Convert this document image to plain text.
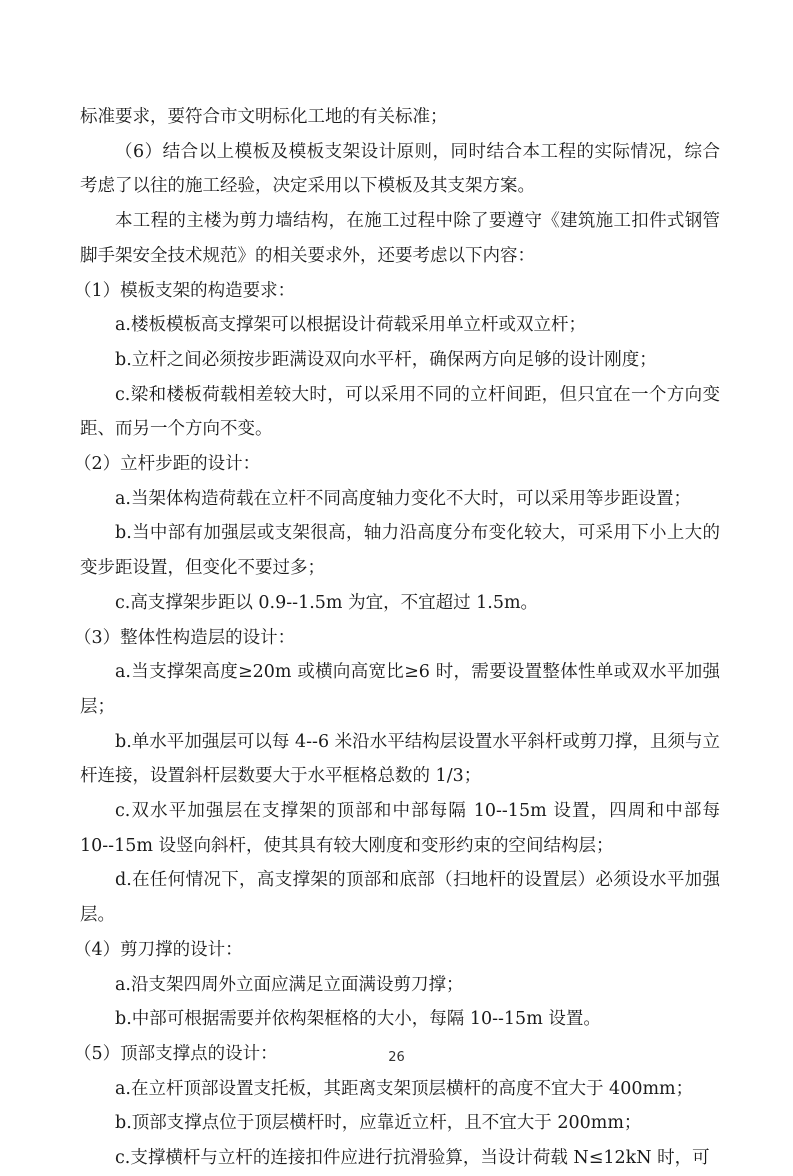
标准要求，要符合市文明标化工地的有关标准；

（6）结合以上模板及模板支架设计原则，同时结合本工程的实际情况，综合考虑了以往的施工经验，决定采用以下模板及其支架方案。

本工程的主楼为剪力墙结构，在施工过程中除了要遵守《建筑施工扣件式钢管脚手架安全技术规范》的相关要求外，还要考虑以下内容：

（1）模板支架的构造要求：

a.楼板模板高支撑架可以根据设计荷载采用单立杆或双立杆；

b.立杆之间必须按步距满设双向水平杆，确保两方向足够的设计刚度；

c.梁和楼板荷载相差较大时，可以采用不同的立杆间距，但只宜在一个方向变距、而另一个方向不变。

（2）立杆步距的设计：

a.当架体构造荷载在立杆不同高度轴力变化不大时，可以采用等步距设置；

b.当中部有加强层或支架很高，轴力沿高度分布变化较大，可采用下小上大的变步距设置，但变化不要过多；

c.高支撑架步距以 0.9--1.5m 为宜，不宜超过 1.5m。

（3）整体性构造层的设计：

a.当支撑架高度≥20m 或横向高宽比≥6 时，需要设置整体性单或双水平加强层；

b.单水平加强层可以每 4--6 米沿水平结构层设置水平斜杆或剪刀撑，且须与立杆连接，设置斜杆层数要大于水平框格总数的 1/3；

c.双水平加强层在支撑架的顶部和中部每隔 10--15m 设置，四周和中部每 10--15m 设竖向斜杆，使其具有较大刚度和变形约束的空间结构层；

d.在任何情况下，高支撑架的顶部和底部（扫地杆的设置层）必须设水平加强层。

（4）剪刀撑的设计：

a.沿支架四周外立面应满足立面满设剪刀撑；

b.中部可根据需要并依构架框格的大小，每隔 10--15m 设置。

（5）顶部支撑点的设计：

a.在立杆顶部设置支托板，其距离支架顶层横杆的高度不宜大于 400mm；

b.顶部支撑点位于顶层横杆时，应靠近立杆，且不宜大于 200mm；

c.支撑横杆与立杆的连接扣件应进行抗滑验算，当设计荷载 N≤12kN 时，可

26
